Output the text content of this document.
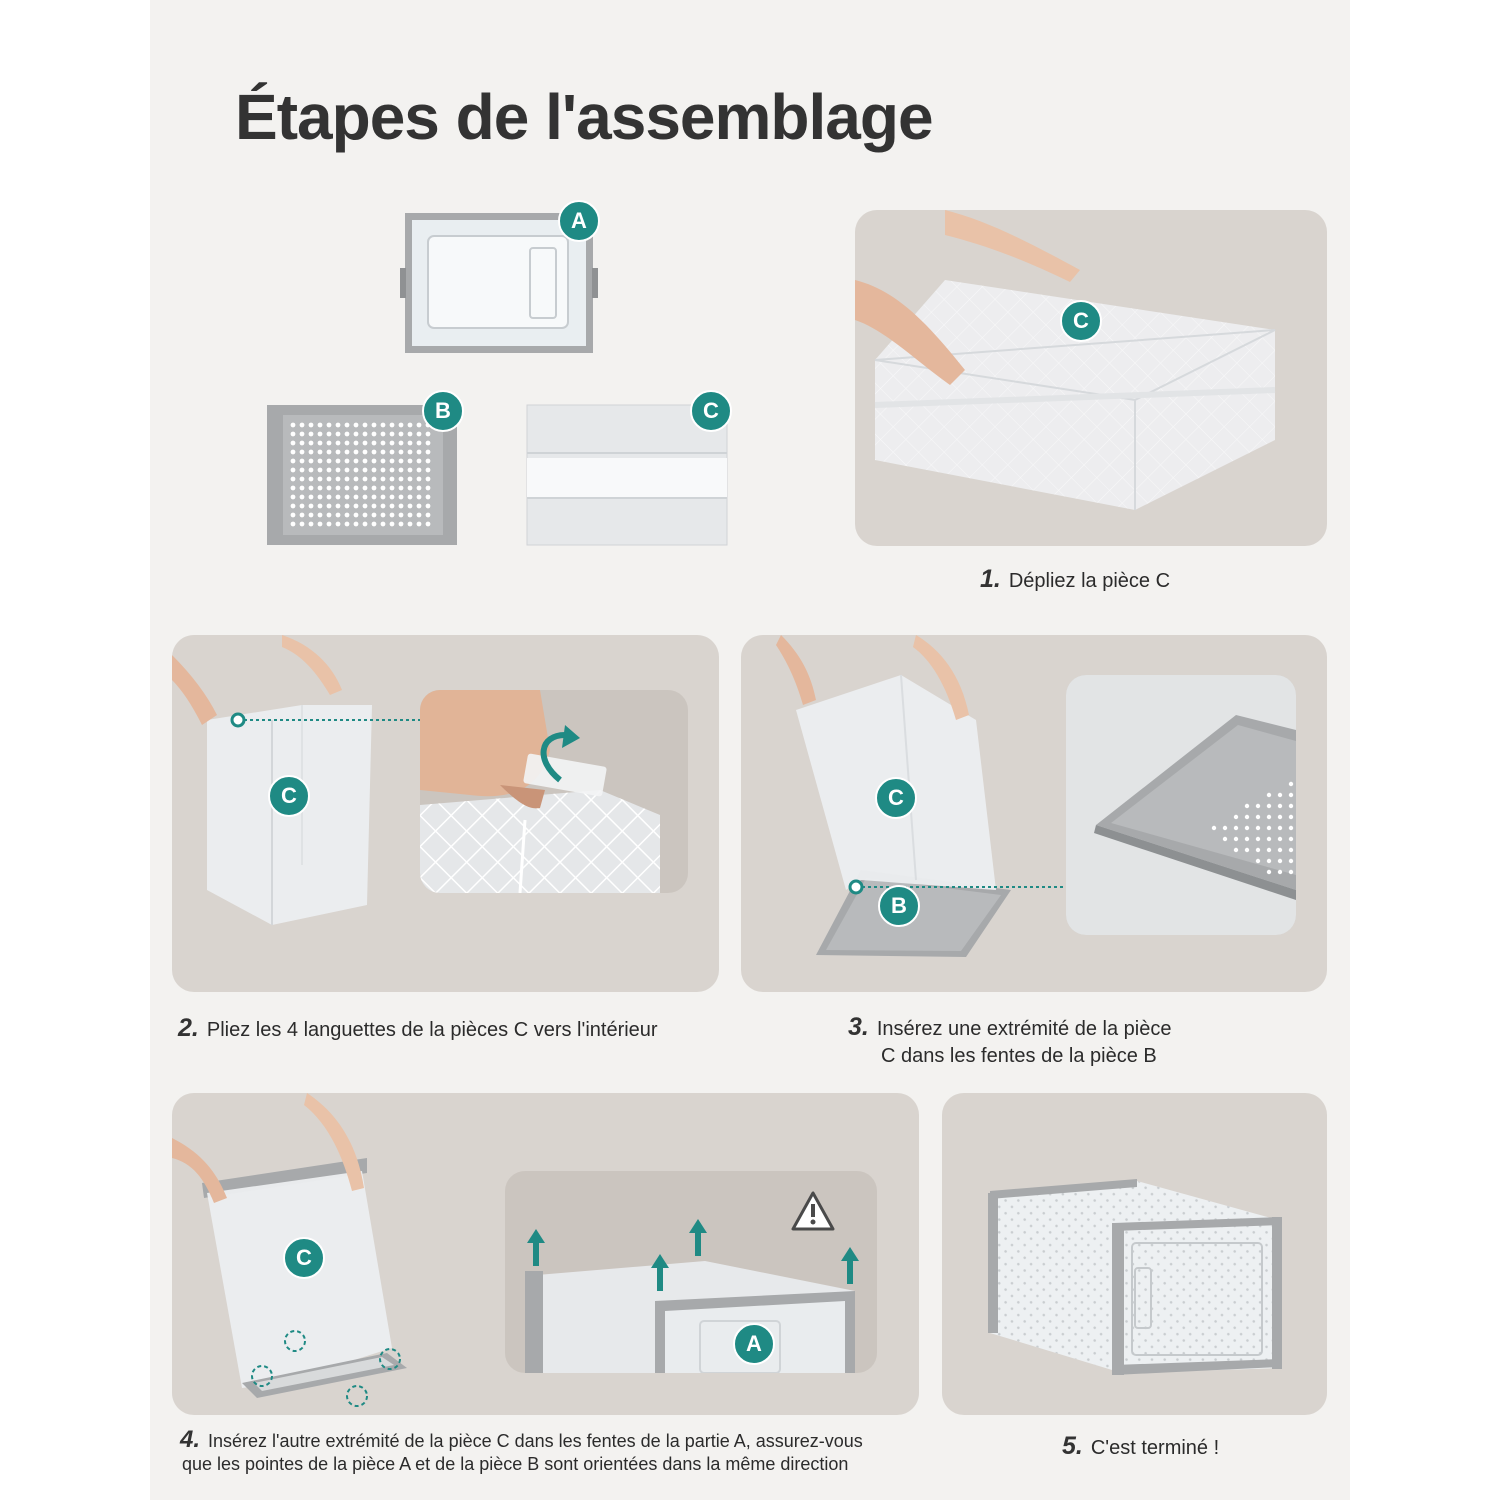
Étapes de l'assemblage
A
B	C
C
1. Dépliez la pièce C
C
2. Pliez les 4 languettes de la pièces C vers l'intérieur
C
B
3. Insérez une extrémité de la pièce
C dans les fentes de la pièce B
C
A
4. Insérez l'autre extrémité de la pièce C dans les fentes de la partie A, assurez-vous
que les pointes de la pièce A et de la pièce B sont orientées dans la même direction
5. C'est terminé !
